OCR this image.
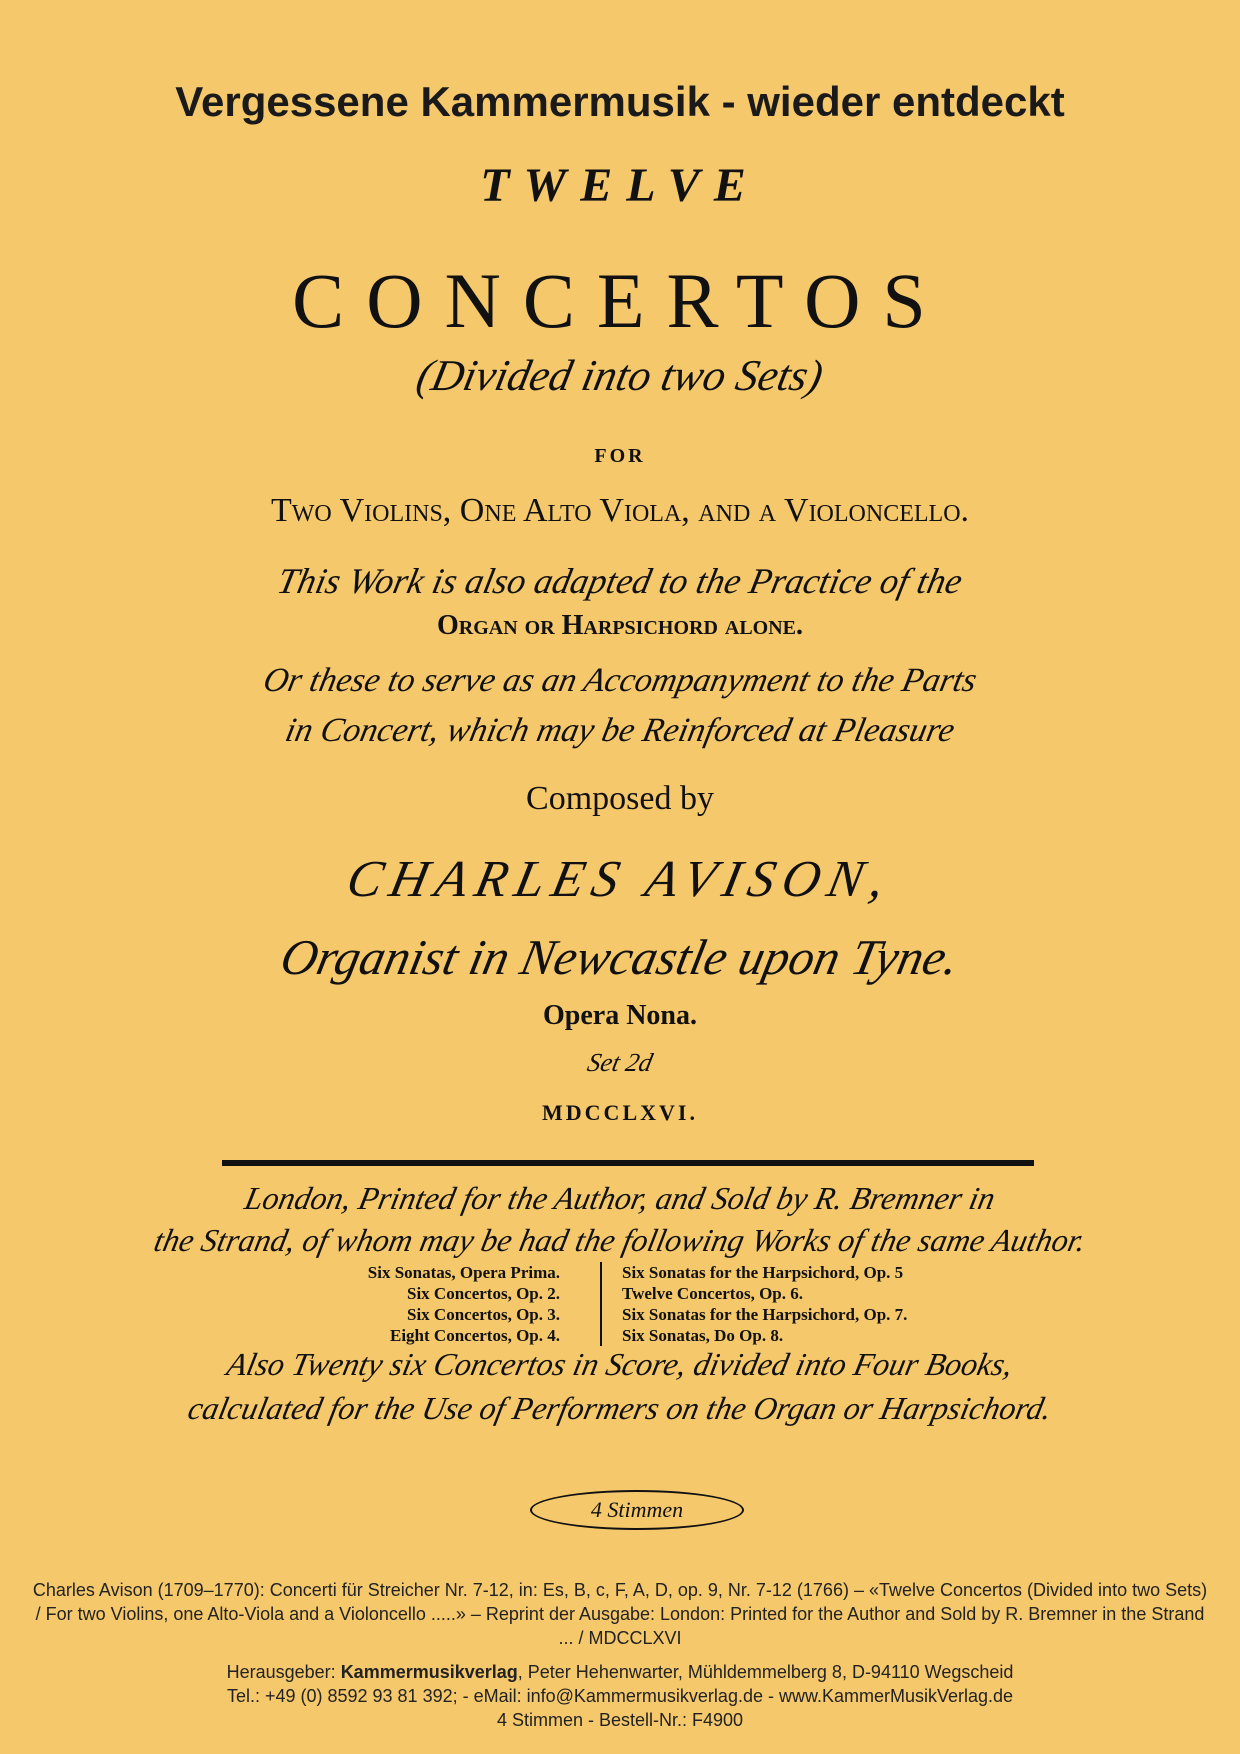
Vergessene Kammermusik - wieder entdeckt
TWELVE
CONCERTOS
(Divided into two Sets)
FOR
Two Violins, One Alto Viola, and a Violoncello.
This Work is also adapted to the Practice of the
Organ or Harpsichord alone.
Or these to serve as an Accompanyment to the Parts
in Concert, which may be Reinforced at Pleasure
Composed by
CHARLES AVISON,
Organist in Newcastle upon Tyne.
Opera Nona.
Set 2d
MDCCLXVI.
London, Printed for the Author, and Sold by R. Bremner in
the Strand, of whom may be had the following Works of the same Author.
Six Sonatas, Opera Prima.
Six Concertos, Op. 2.
Six Concertos, Op. 3.
Eight Concertos, Op. 4.
Six Sonatas for the Harpsichord, Op. 5
Twelve Concertos, Op. 6.
Six Sonatas for the Harpsichord, Op. 7.
Six Sonatas, Do Op. 8.
Also Twenty six Concertos in Score, divided into Four Books,
calculated for the Use of Performers on the Organ or Harpsichord.
4 Stimmen
Charles Avison (1709–1770): Concerti für Streicher Nr. 7-12, in: Es, B, c, F, A, D, op. 9, Nr. 7-12 (1766) – «Twelve Concertos (Divided into two Sets) / For two Violins, one Alto-Viola and a Violoncello .....» – Reprint der Ausgabe: London: Printed for the Author and Sold by R. Bremner in the Strand ... / MDCCLXVI
Herausgeber: Kammermusikverlag, Peter Hehenwarter, Mühldemmelberg 8, D-94110 Wegscheid
Tel.: +49 (0) 8592 93 81 392; - eMail: info@Kammermusikverlag.de - www.KammerMusikVerlag.de
4 Stimmen - Bestell-Nr.: F4900
